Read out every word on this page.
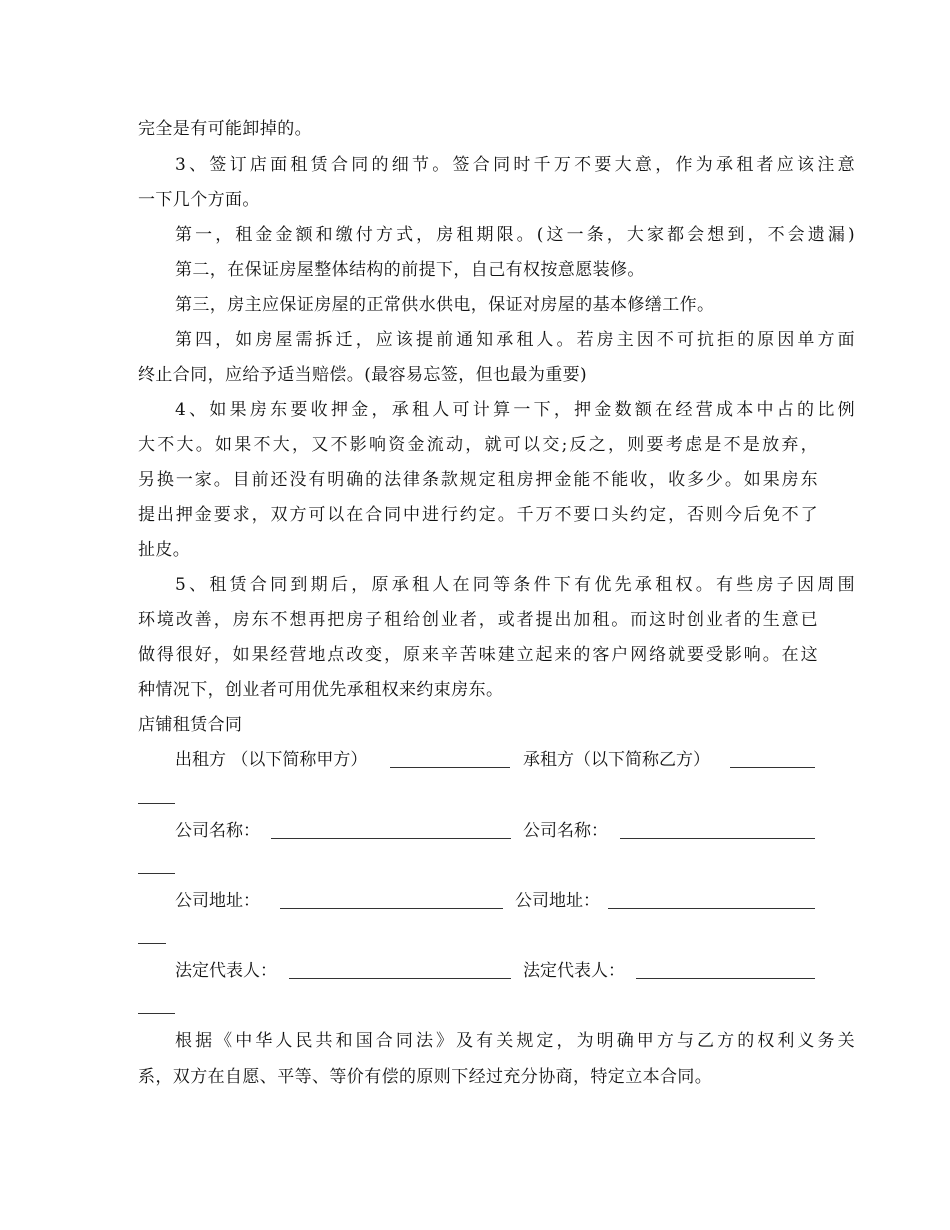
完全是有可能卸掉的。
3、签订店面租赁合同的细节。签合同时千万不要大意，作为承租者应该注意
一下几个方面。
第一，租金金额和缴付方式，房租期限。(这一条，大家都会想到，不会遗漏)
第二，在保证房屋整体结构的前提下，自己有权按意愿装修。
第三，房主应保证房屋的正常供水供电，保证对房屋的基本修缮工作。
第四，如房屋需拆迁，应该提前通知承租人。若房主因不可抗拒的原因单方面
终止合同，应给予适当赔偿。(最容易忘签，但也最为重要)
4、如果房东要收押金，承租人可计算一下，押金数额在经营成本中占的比例
大不大。如果不大，又不影响资金流动，就可以交;反之，则要考虑是不是放弃，
另换一家。目前还没有明确的法律条款规定租房押金能不能收，收多少。如果房东
提出押金要求，双方可以在合同中进行约定。千万不要口头约定，否则今后免不了
扯皮。
5、租赁合同到期后，原承租人在同等条件下有优先承租权。有些房子因周围
环境改善，房东不想再把房子租给创业者，或者提出加租。而这时创业者的生意已
做得很好，如果经营地点改变，原来辛苦味建立起来的客户网络就要受影响。在这
种情况下，创业者可用优先承租权来约束房东。
店铺租赁合同
出租方 （以下简称甲方）	承租方（以下简称乙方）
公司名称：	公司名称：
公司地址：	公司地址：
法定代表人：	法定代表人：
根据《中华人民共和国合同法》及有关规定，为明确甲方与乙方的权利义务关
系，双方在自愿、平等、等价有偿的原则下经过充分协商，特定立本合同。
